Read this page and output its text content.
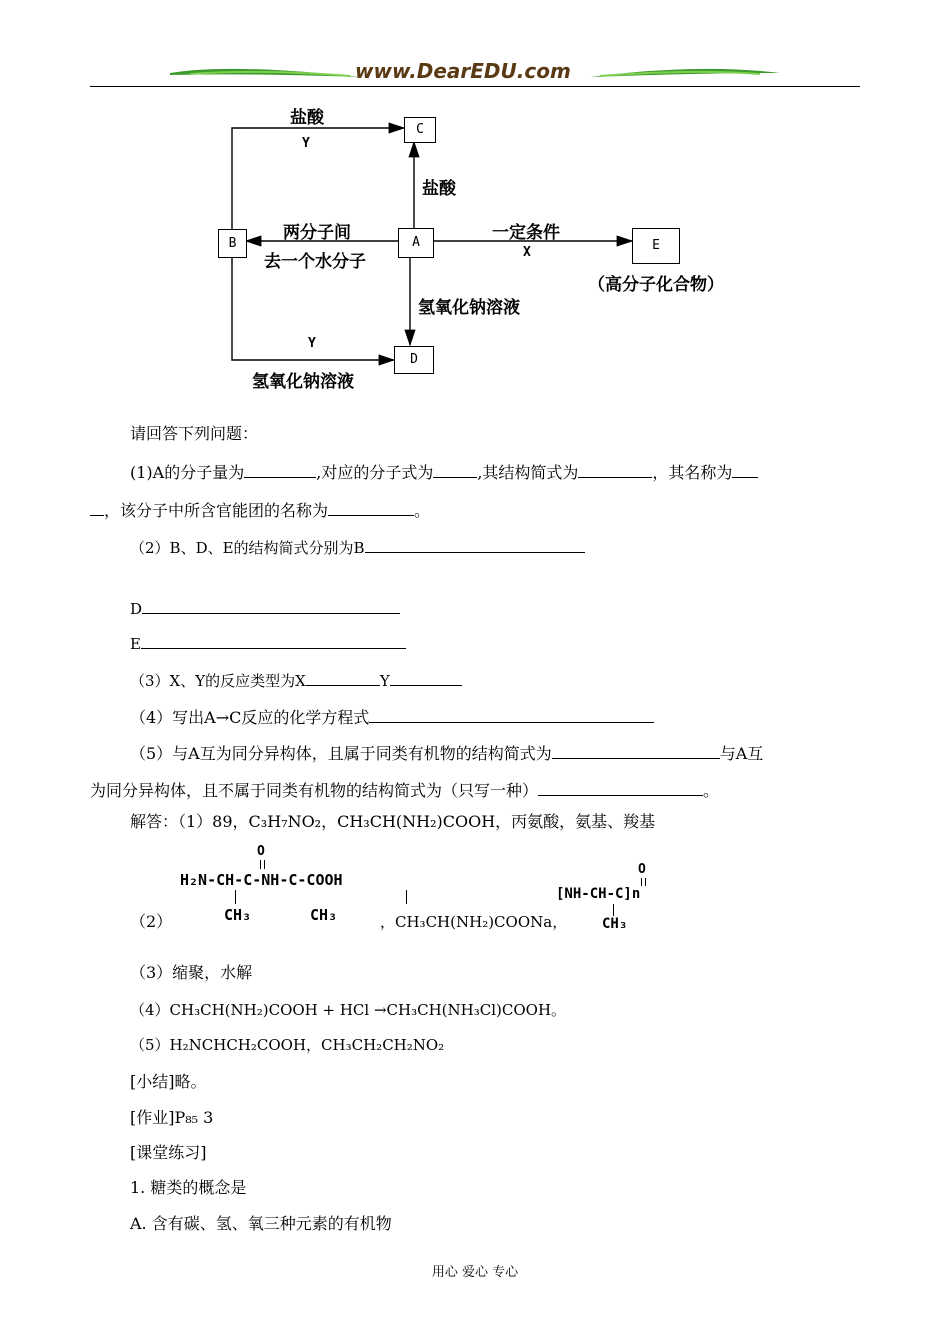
www.DearEDU.com
C
B	A	E
D
盐酸
Y
盐酸
两分子间
去一个水分子
一定条件
X
（高分子化合物）
氢氧化钠溶液
Y
氢氧化钠溶液
请回答下列问题：
(1)A的分子量为	,对应的分子式为	,其结构简式为	，其名称为
，该分子中所含官能团的名称为	。
（2）B、D、E的结构简式分别为B
D
E
（3）X、Y的反应类型为X	Y
（4）写出A→C反应的化学方程式
（5）与A互为同分异构体，且属于同类有机物的结构简式为	与A互
为同分异构体，且不属于同类有机物的结构简式为（只写一种）	。
解答：（1）89，C₃H₇NO₂，CH₃CH(NH₂)COOH，丙氨酸，氨基、羧基
O
H₂N-CH-C-NH-C-COOH
CH₃	CH₃
（2）	，CH₃CH(NH₂)COONa，
O
[NH-CH-C]n
CH₃
（3）缩聚，水解
（4）CH₃CH(NH₂)COOH + HCl →CH₃CH(NH₃Cl)COOH。
（5）H₂NCHCH₂COOH，CH₃CH₂CH₂NO₂
[小结]略。
[作业]P₈₅ 3
[课堂练习]
1. 糖类的概念是
A. 含有碳、氢、氧三种元素的有机物
用心 爱心 专心
